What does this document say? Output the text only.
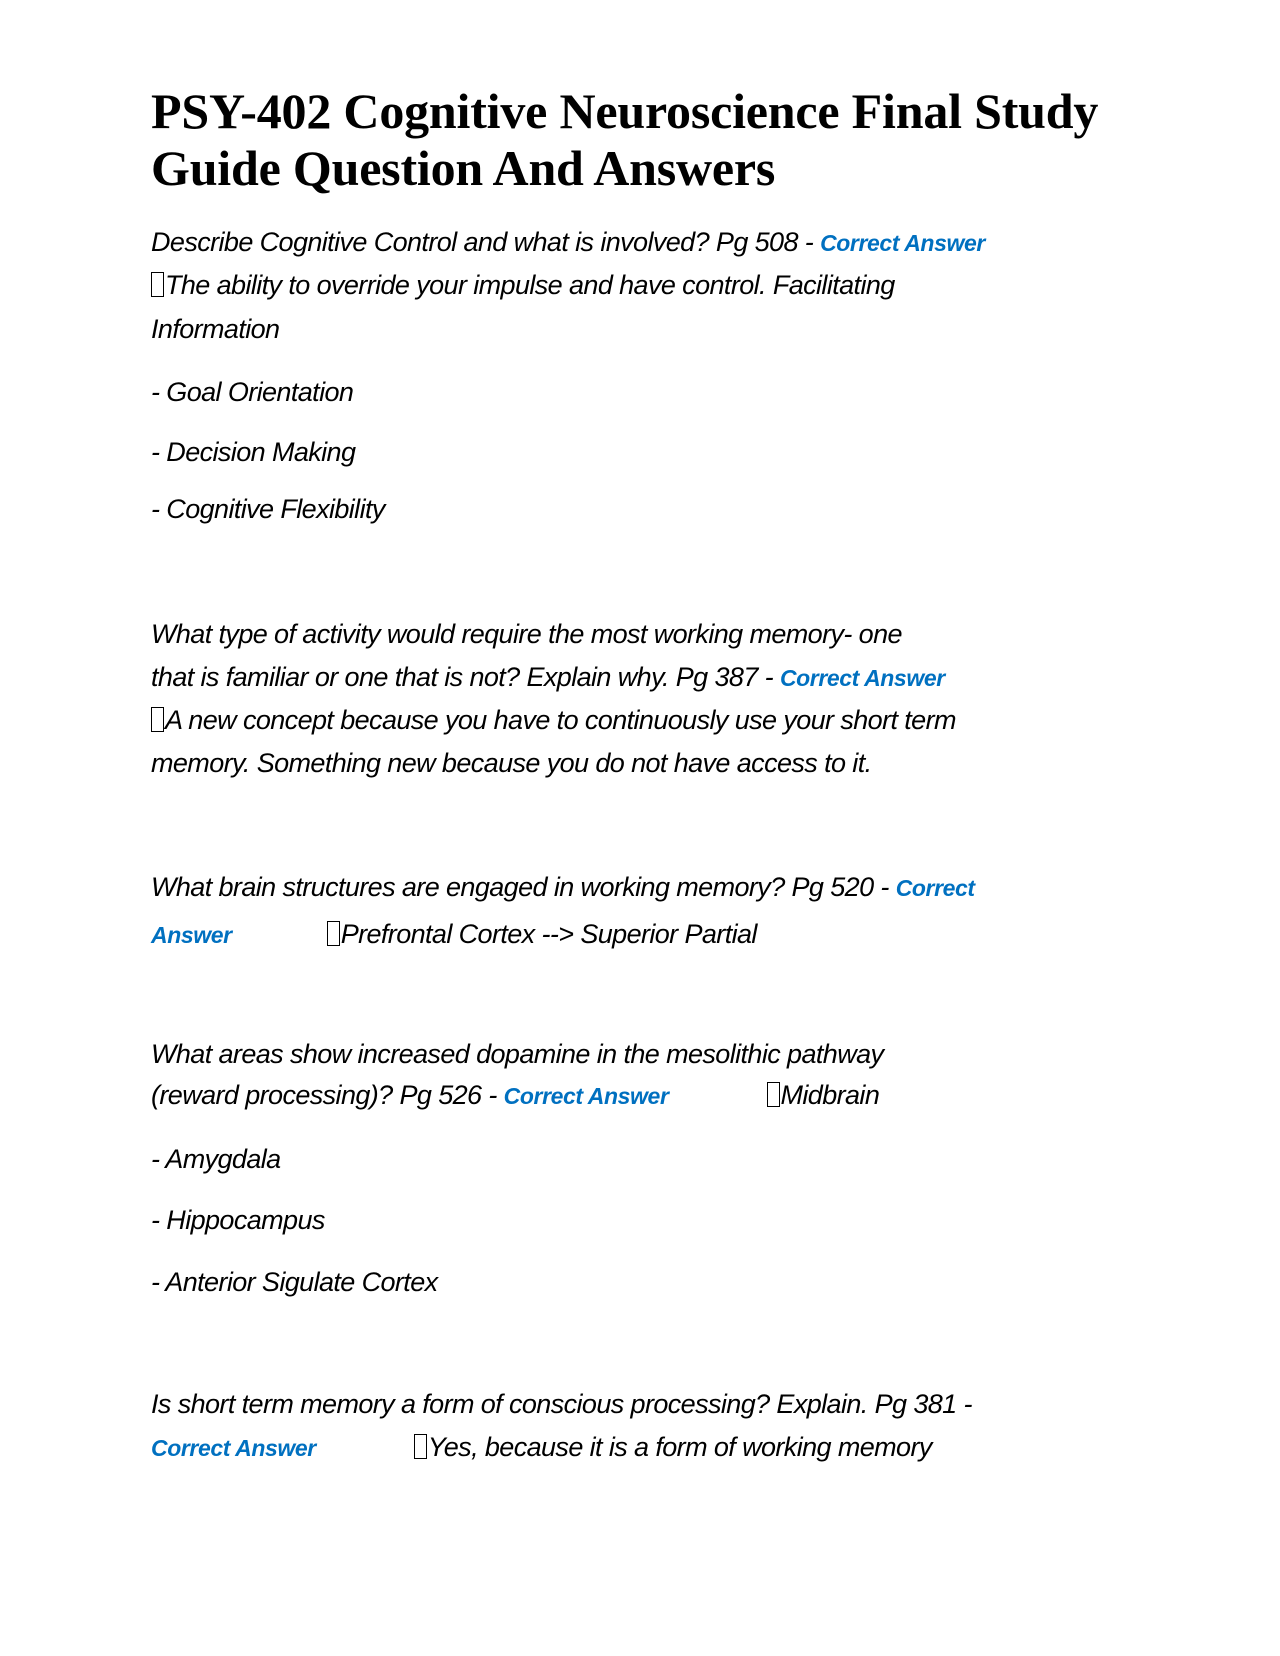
PSY-402 Cognitive Neuroscience Final Study
Guide Question And Answers
Describe Cognitive Control and what is involved? Pg 508 - Correct Answer
The ability to override your impulse and have control. Facilitating
Information
- Goal Orientation
- Decision Making
- Cognitive Flexibility
What type of activity would require the most working memory- one
that is familiar or one that is not? Explain why. Pg 387 - Correct Answer
A new concept because you have to continuously use your short term
memory. Something new because you do not have access to it.
What brain structures are engaged in working memory? Pg 520 - Correct
Answer	Prefrontal Cortex --> Superior Partial
What areas show increased dopamine in the mesolithic pathway
(reward processing)? Pg 526 - Correct Answer	Midbrain
- Amygdala
- Hippocampus
- Anterior Sigulate Cortex
Is short term memory a form of conscious processing? Explain. Pg 381 -
Correct Answer	Yes, because it is a form of working memory
